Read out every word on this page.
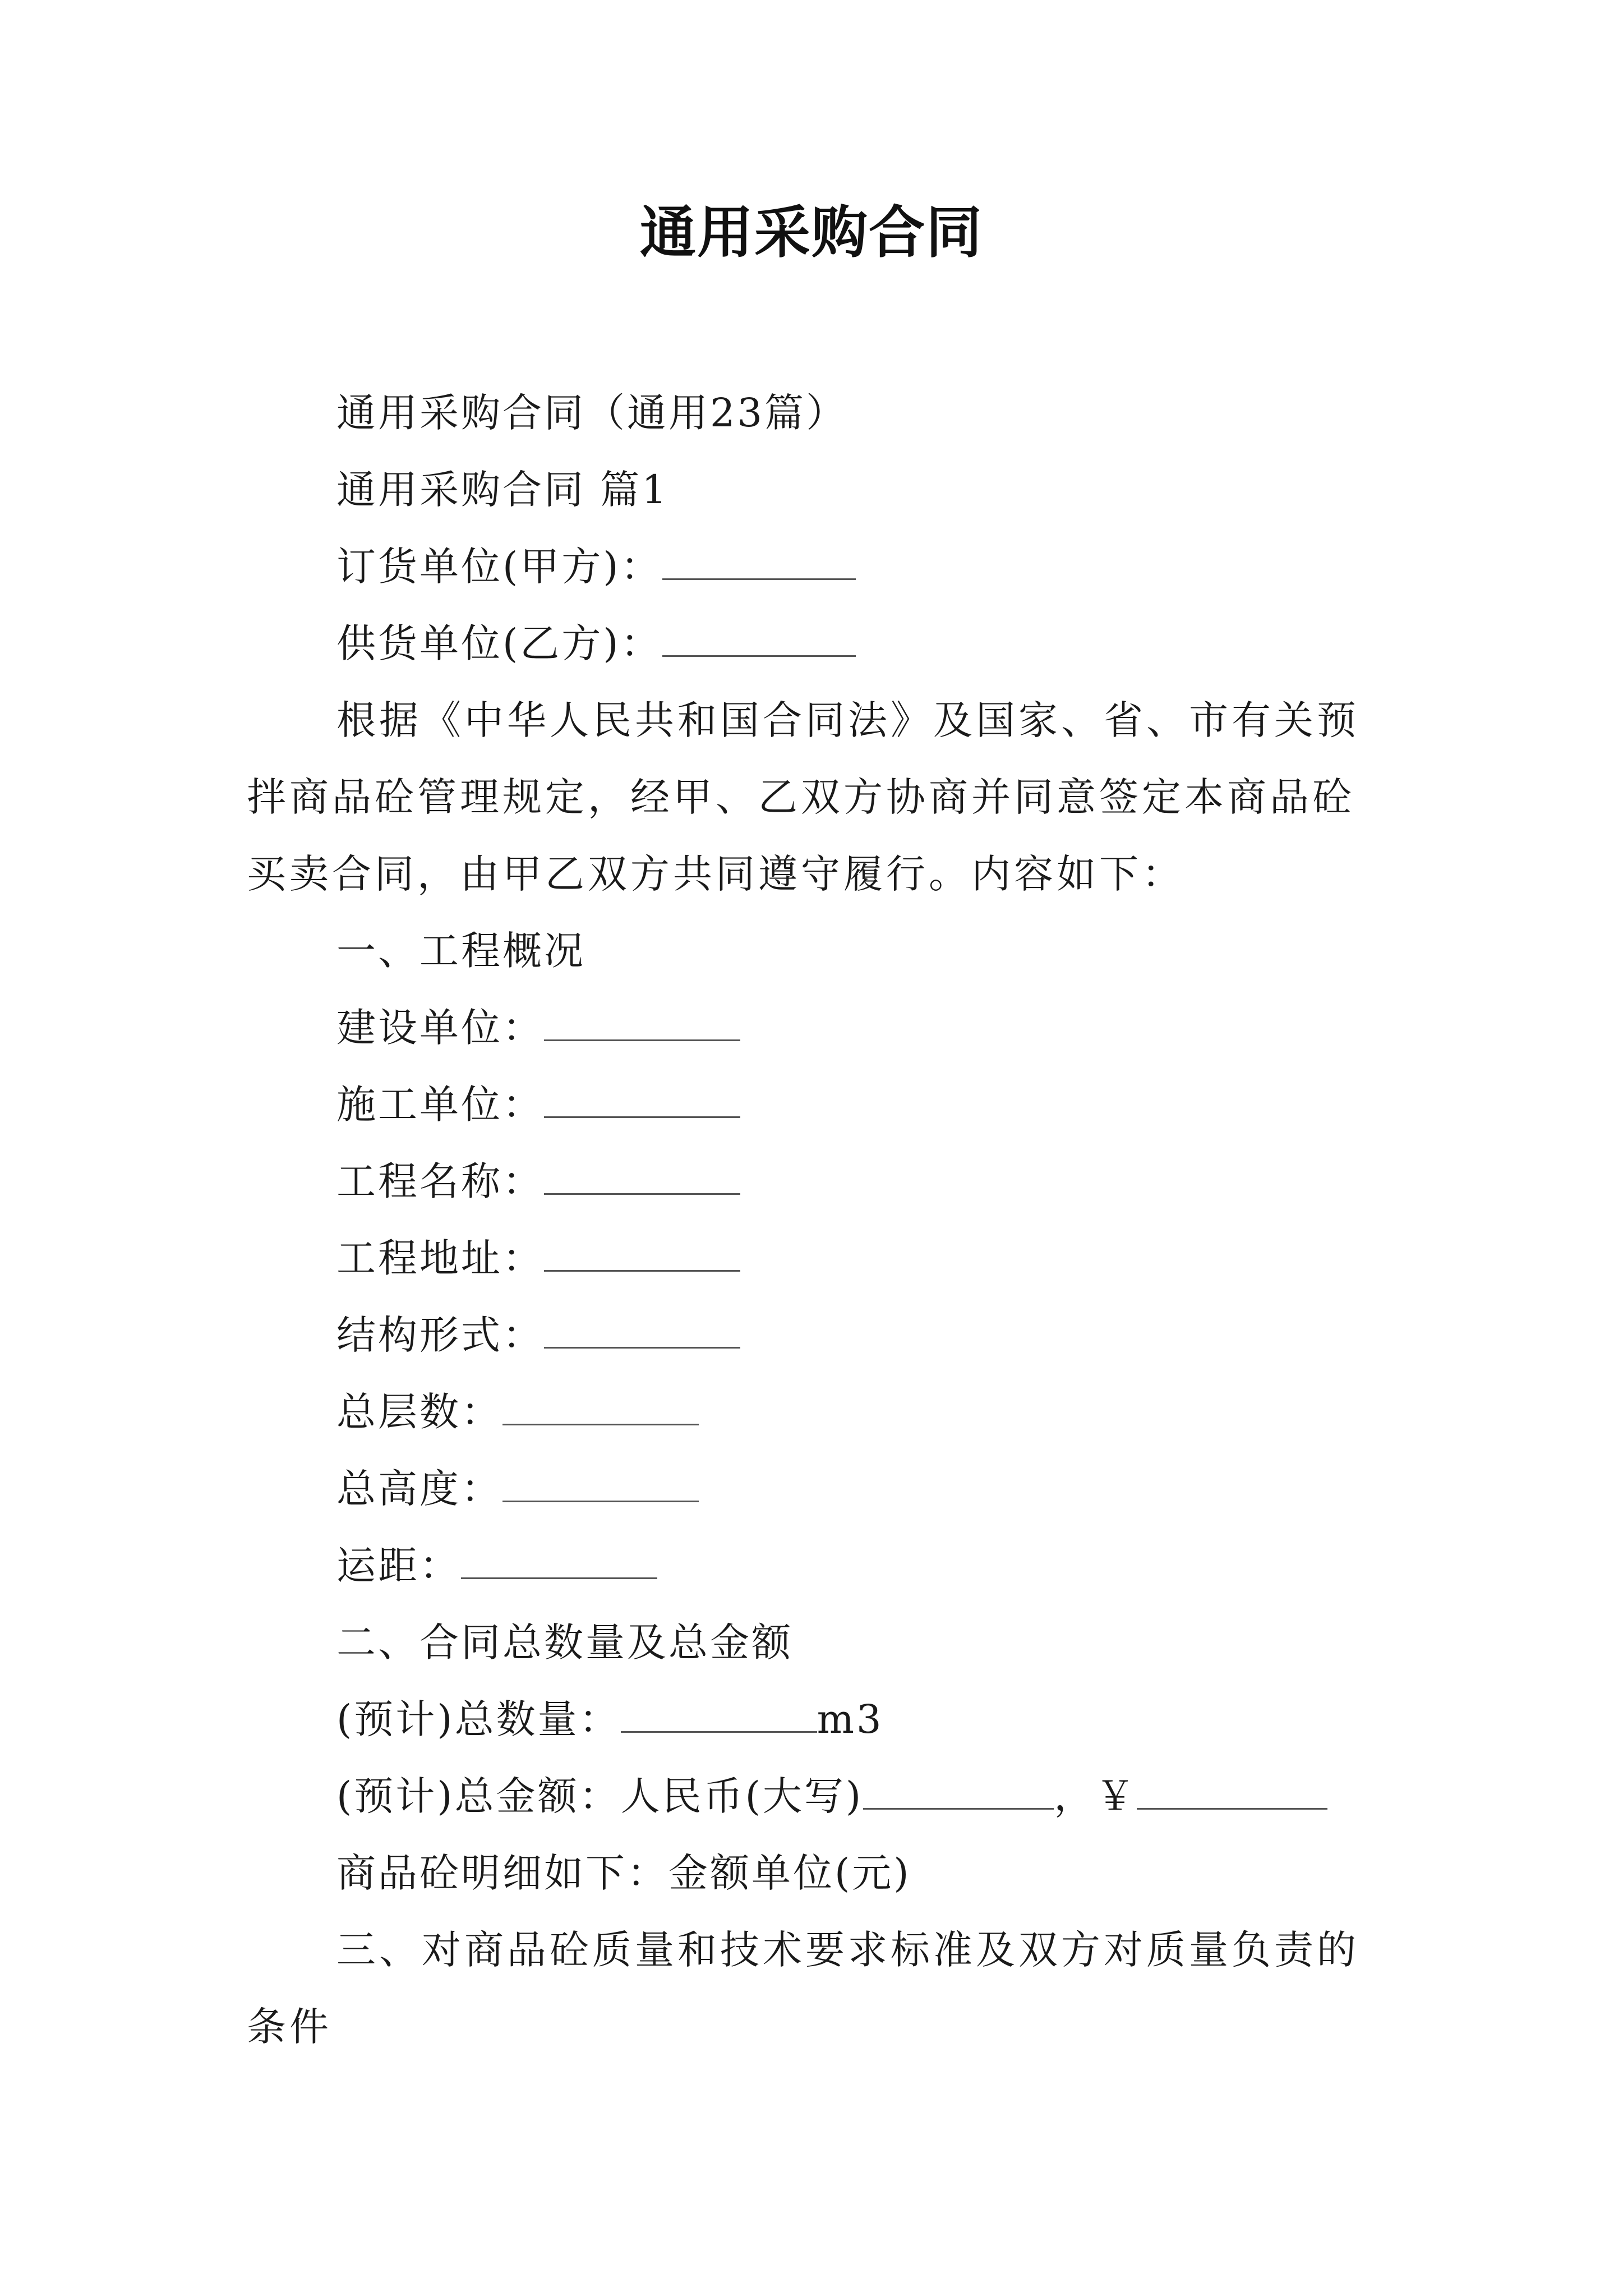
通用采购合同
通用采购合同（通用23篇）
通用采购合同 篇1
订货单位(甲方)：
供货单位(乙方)：
根据《中华人民共和国合同法》及国家、省、市有关预拌商品砼管理规定，经甲、乙双方协商并同意签定本商品砼买卖合同，由甲乙双方共同遵守履行。内容如下：
一、工程概况
建设单位：
施工单位：
工程名称：
工程地址：
结构形式：
总层数：
总高度：
运距：
二、合同总数量及总金额
(预计)总数量：	m3
(预计)总金额：人民币(大写)	，￥
商品砼明细如下：金额单位(元)
三、对商品砼质量和技术要求标准及双方对质量负责的条件
